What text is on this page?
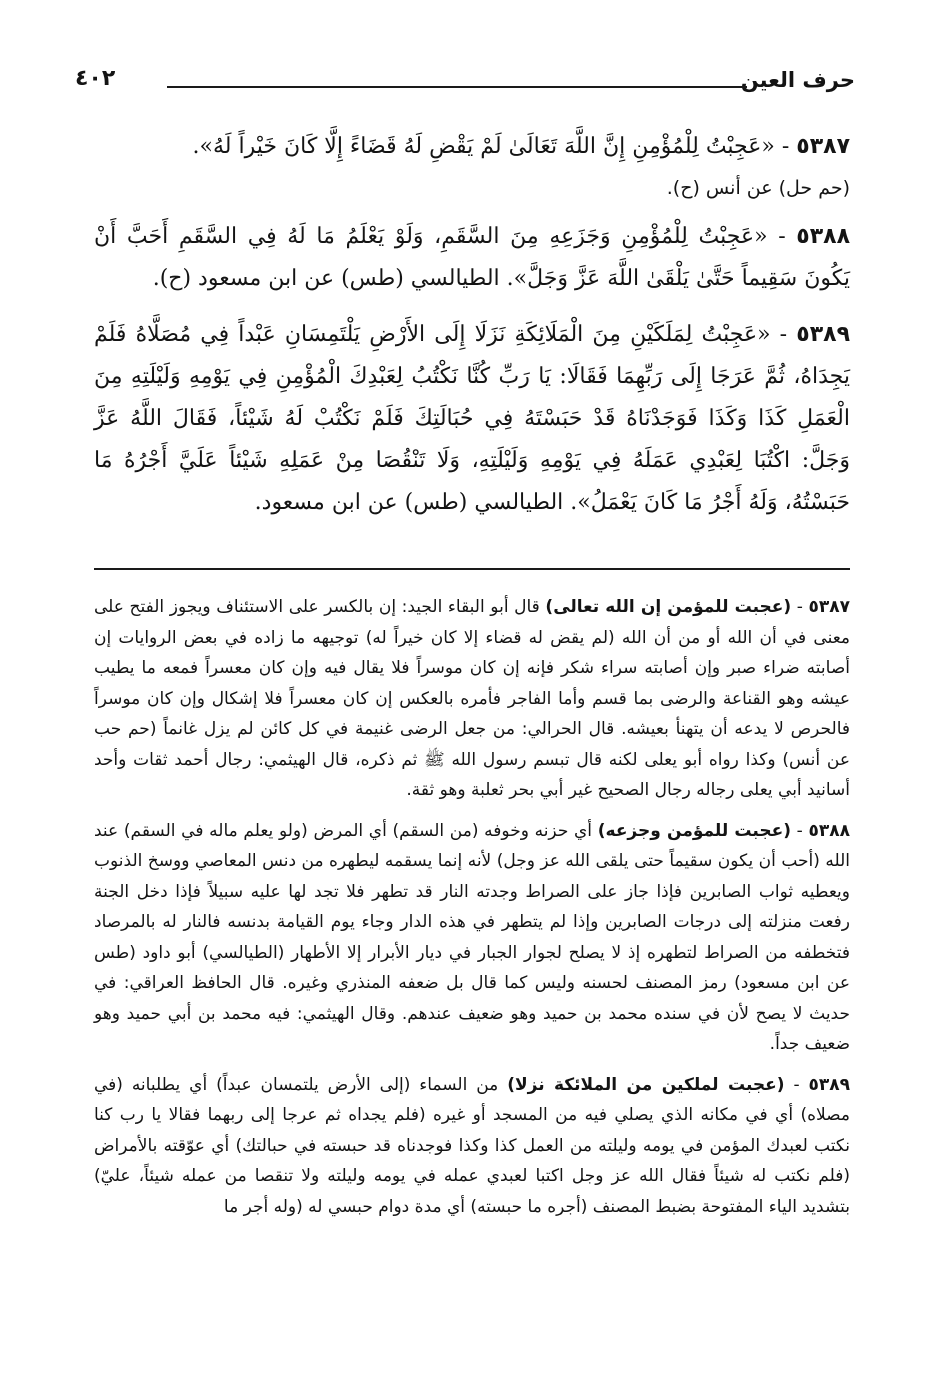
حرف العين
٤٠٢

٥٣٨٧ - «عَجِبْتُ لِلْمُؤْمِنِ إِنَّ اللَّهَ تَعَالَىٰ لَمْ يَقْضِ لَهُ قَضَاءً إِلَّا كَانَ خَيْراً لَهُ».

(حم حل) عن أنس (ح).

٥٣٨٨ - «عَجِبْتُ لِلْمُؤْمِنِ وَجَزَعِهِ مِنَ السَّقَمِ، وَلَوْ يَعْلَمُ مَا لَهُ فِي السَّقَمِ أَحَبَّ أَنْ يَكُونَ سَقِيماً حَتَّىٰ يَلْقَىٰ اللَّهَ عَزَّ وَجَلَّ». الطيالسي (طس) عن ابن مسعود (ح).

٥٣٨٩ - «عَجِبْتُ لِمَلَكَيْنِ مِنَ الْمَلَائِكَةِ نَزَلَا إِلَى الأَرْضِ يَلْتَمِسَانِ عَبْداً فِي مُصَلَّاهُ فَلَمْ يَجِدَاهُ، ثُمَّ عَرَجَا إِلَى رَبِّهِمَا فَقَالَا: يَا رَبِّ كُنَّا نَكْتُبُ لِعَبْدِكَ الْمُؤْمِنِ فِي يَوْمِهِ وَلَيْلَتِهِ مِنَ الْعَمَلِ كَذَا وَكَذَا فَوَجَدْنَاهُ قَدْ حَبَسْتَهُ فِي حُبَالَتِكَ فَلَمْ نَكْتُبْ لَهُ شَيْئاً، فَقَالَ اللَّهُ عَزَّ وَجَلَّ: اكْتُبَا لِعَبْدِي عَمَلَهُ فِي يَوْمِهِ وَلَيْلَتِهِ، وَلَا تَنْقُصَا مِنْ عَمَلِهِ شَيْئاً عَلَيَّ أَجْرُهُ مَا حَبَسْتُهُ، وَلَهُ أَجْرُ مَا كَانَ يَعْمَلُ». الطيالسي (طس) عن ابن مسعود.

٥٣٨٧ - (عجبت للمؤمن إن الله تعالى) قال أبو البقاء الجيد: إن بالكسر على الاستئناف ويجوز الفتح على معنى في أن الله أو من أن الله (لم يقض له قضاء إلا كان خيراً له) توجيهه ما زاده في بعض الروايات إن أصابته ضراء صبر وإن أصابته سراء شكر فإنه إن كان موسراً فلا يقال فيه وإن كان معسراً فمعه ما يطيب عيشه وهو القناعة والرضى بما قسم وأما الفاجر فأمره بالعكس إن كان معسراً فلا إشكال وإن كان موسراً فالحرص لا يدعه أن يتهنأ بعيشه. قال الحرالي: من جعل الرضى غنيمة في كل كائن لم يزل غانماً (حم حب عن أنس) وكذا رواه أبو يعلى لكنه قال تبسم رسول الله ﷺ ثم ذكره، قال الهيثمي: رجال أحمد ثقات وأحد أسانيد أبي يعلى رجاله رجال الصحيح غير أبي بحر ثعلبة وهو ثقة.

٥٣٨٨ - (عجبت للمؤمن وجزعه) أي حزنه وخوفه (من السقم) أي المرض (ولو يعلم ماله في السقم) عند الله (أحب أن يكون سقيماً حتى يلقى الله عز وجل) لأنه إنما يسقمه ليطهره من دنس المعاصي ووسخ الذنوب ويعطيه ثواب الصابرين فإذا جاز على الصراط وجدته النار قد تطهر فلا تجد لها عليه سبيلاً فإذا دخل الجنة رفعت منزلته إلى درجات الصابرين وإذا لم يتطهر في هذه الدار وجاء يوم القيامة بدنسه فالنار له بالمرصاد فتخطفه من الصراط لتطهره إذ لا يصلح لجوار الجبار في ديار الأبرار إلا الأطهار (الطيالسي) أبو داود (طس عن ابن مسعود) رمز المصنف لحسنه وليس كما قال بل ضعفه المنذري وغيره. قال الحافظ العراقي: في حديث لا يصح لأن في سنده محمد بن حميد وهو ضعيف عندهم. وقال الهيثمي: فيه محمد بن أبي حميد وهو ضعيف جداً.

٥٣٨٩ - (عجبت لملكين من الملائكة نزلا) من السماء (إلى الأرض يلتمسان عبداً) أي يطلبانه (في مصلاه) أي في مكانه الذي يصلي فيه من المسجد أو غيره (فلم يجداه ثم عرجا إلى ربهما فقالا يا رب كنا نكتب لعبدك المؤمن في يومه وليلته من العمل كذا وكذا فوجدناه قد حبسته في حبالتك) أي عوّقته بالأمراض (فلم نكتب له شيئاً فقال الله عز وجل اكتبا لعبدي عمله في يومه وليلته ولا تنقصا من عمله شيئاً، عليّ) بتشديد الياء المفتوحة بضبط المصنف (أجره ما حبسته) أي مدة دوام حبسي له (وله أجر ما
